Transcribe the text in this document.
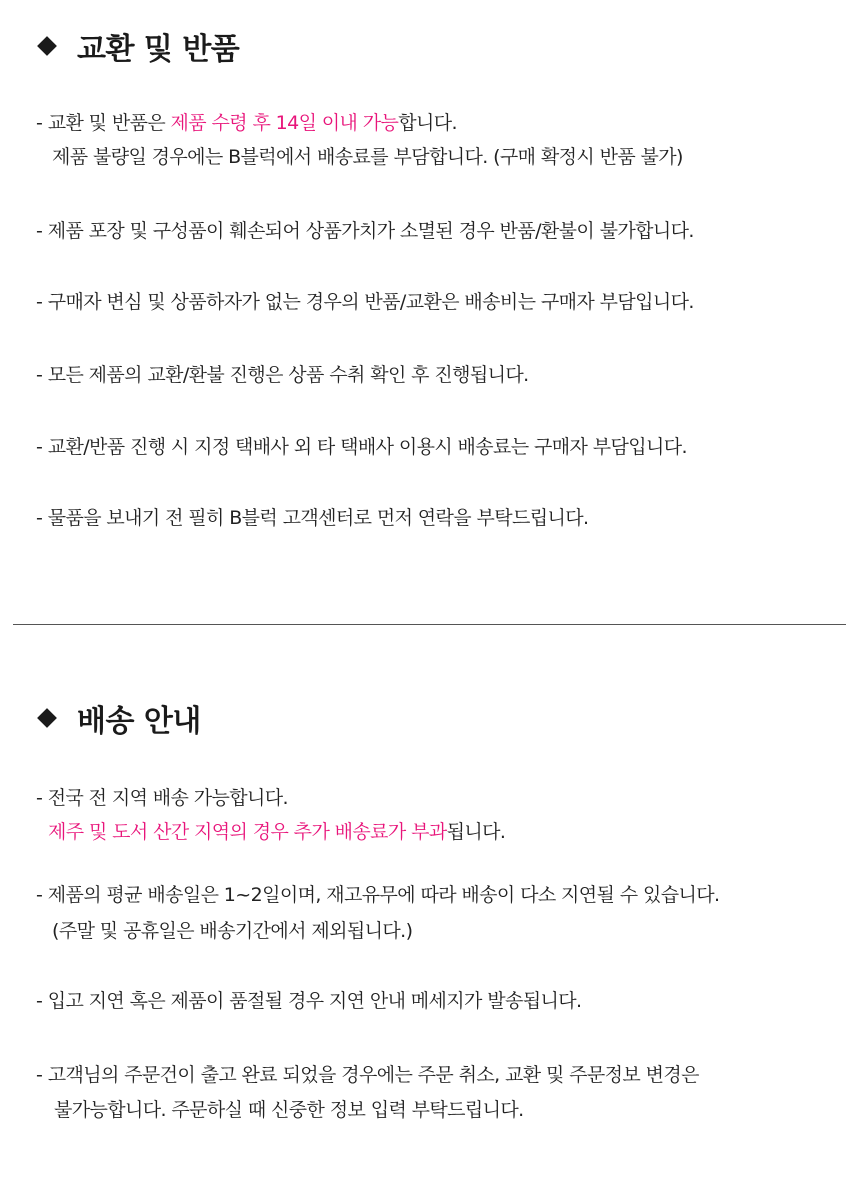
교환 및 반품
- 교환 및 반품은 제품 수령 후 14일 이내 가능합니다.
제품 불량일 경우에는 B블럭에서 배송료를 부담합니다. (구매 확정시 반품 불가)
- 제품 포장 및 구성품이 훼손되어 상품가치가 소멸된 경우 반품/환불이 불가합니다.
- 구매자 변심 및 상품하자가 없는 경우의 반품/교환은 배송비는 구매자 부담입니다.
- 모든 제품의 교환/환불 진행은 상품 수취 확인 후 진행됩니다.
- 교환/반품 진행 시 지정 택배사 외 타 택배사 이용시 배송료는 구매자 부담입니다.
- 물품을 보내기 전 필히 B블럭 고객센터로 먼저 연락을 부탁드립니다.
배송 안내
- 전국 전 지역 배송 가능합니다.
제주 및 도서 산간 지역의 경우 추가 배송료가 부과됩니다.
- 제품의 평균 배송일은 1~2일이며, 재고유무에 따라 배송이 다소 지연될 수 있습니다.
(주말 및 공휴일은 배송기간에서 제외됩니다.)
- 입고 지연 혹은 제품이 품절될 경우 지연 안내 메세지가 발송됩니다.
- 고객님의 주문건이 출고 완료 되었을 경우에는 주문 취소, 교환 및 주문정보 변경은
불가능합니다. 주문하실 때 신중한 정보 입력 부탁드립니다.
